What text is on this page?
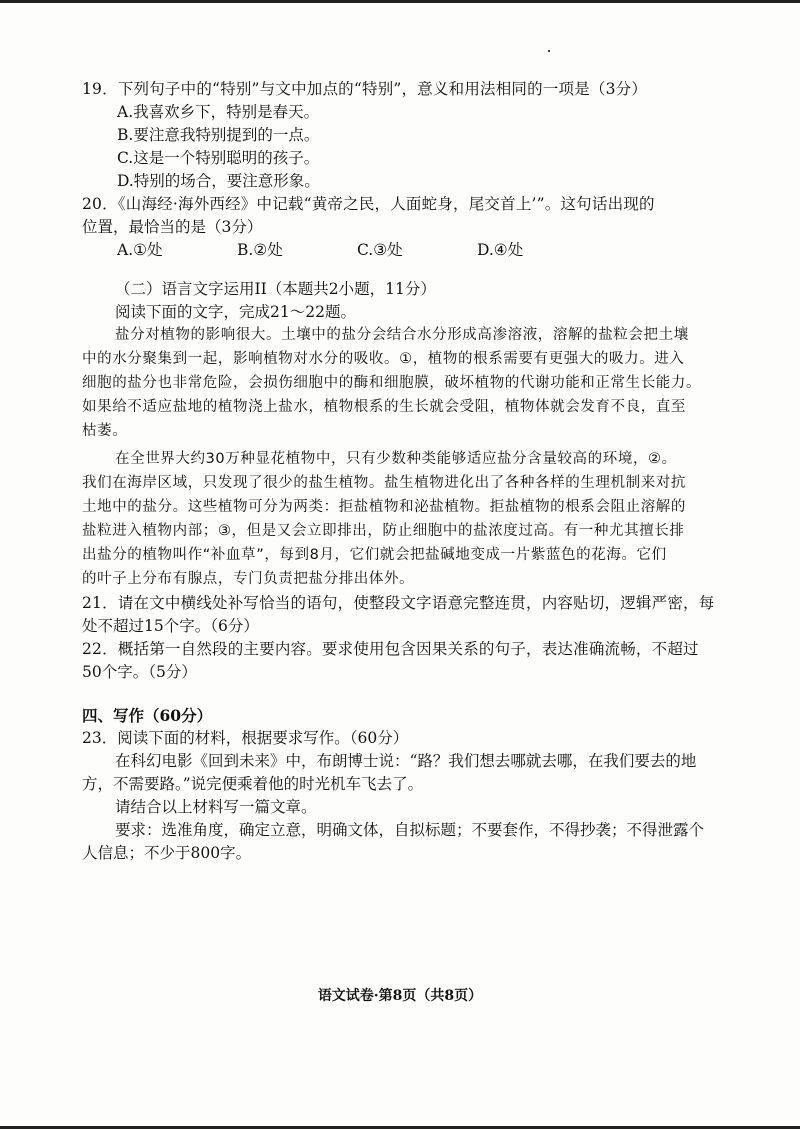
19．下列句子中的“特别”与文中加点的“特别”，意义和用法相同的一项是（3分）
A.我喜欢乡下，特别是春天。
B.要注意我特别提到的一点。
C.这是一个特别聪明的孩子。
D.特别的场合，要注意形象。
20．《山海经·海外西经》中记载“黄帝之民，人面蛇身，尾交首上’”。这句话出现的
位置，最恰当的是（3分）
A.①处	B.②处	C.③处	D.④处
（二）语言文字运用II（本题共2小题，11分）
阅读下面的文字，完成21～22题。
盐分对植物的影响很大。土壤中的盐分会结合水分形成高渗溶液，溶解的盐粒会把土壤
中的水分聚集到一起，影响植物对水分的吸收。①，植物的根系需要有更强大的吸力。进入
细胞的盐分也非常危险，会损伤细胞中的酶和细胞膜，破坏植物的代谢功能和正常生长能力。
如果给不适应盐地的植物浇上盐水，植物根系的生长就会受阻，植物体就会发育不良，直至
枯萎。
在全世界大约30万种显花植物中，只有少数种类能够适应盐分含量较高的环境，②。
我们在海岸区域，只发现了很少的盐生植物。盐生植物进化出了各种各样的生理机制来对抗
土地中的盐分。这些植物可分为两类：拒盐植物和泌盐植物。拒盐植物的根系会阻止溶解的
盐粒进入植物内部；③，但是又会立即排出，防止细胞中的盐浓度过高。有一种尤其擅长排
出盐分的植物叫作“补血草”，每到8月，它们就会把盐碱地变成一片紫蓝色的花海。它们
的叶子上分布有腺点，专门负责把盐分排出体外。
21．请在文中横线处补写恰当的语句，使整段文字语意完整连贯，内容贴切，逻辑严密，每
处不超过15个字。（6分）
22．概括第一自然段的主要内容。要求使用包含因果关系的句子，表达准确流畅，不超过
50个字。（5分）
四、写作（60分）
23．阅读下面的材料，根据要求写作。（60分）
在科幻电影《回到未来》中，布朗博士说：“路？我们想去哪就去哪，在我们要去的地
方，不需要路。”说完便乘着他的时光机车飞去了。
请结合以上材料写一篇文章。
要求：选准角度，确定立意，明确文体，自拟标题；不要套作，不得抄袭；不得泄露个
人信息；不少于800字。
语文试卷·第8页（共8页）
